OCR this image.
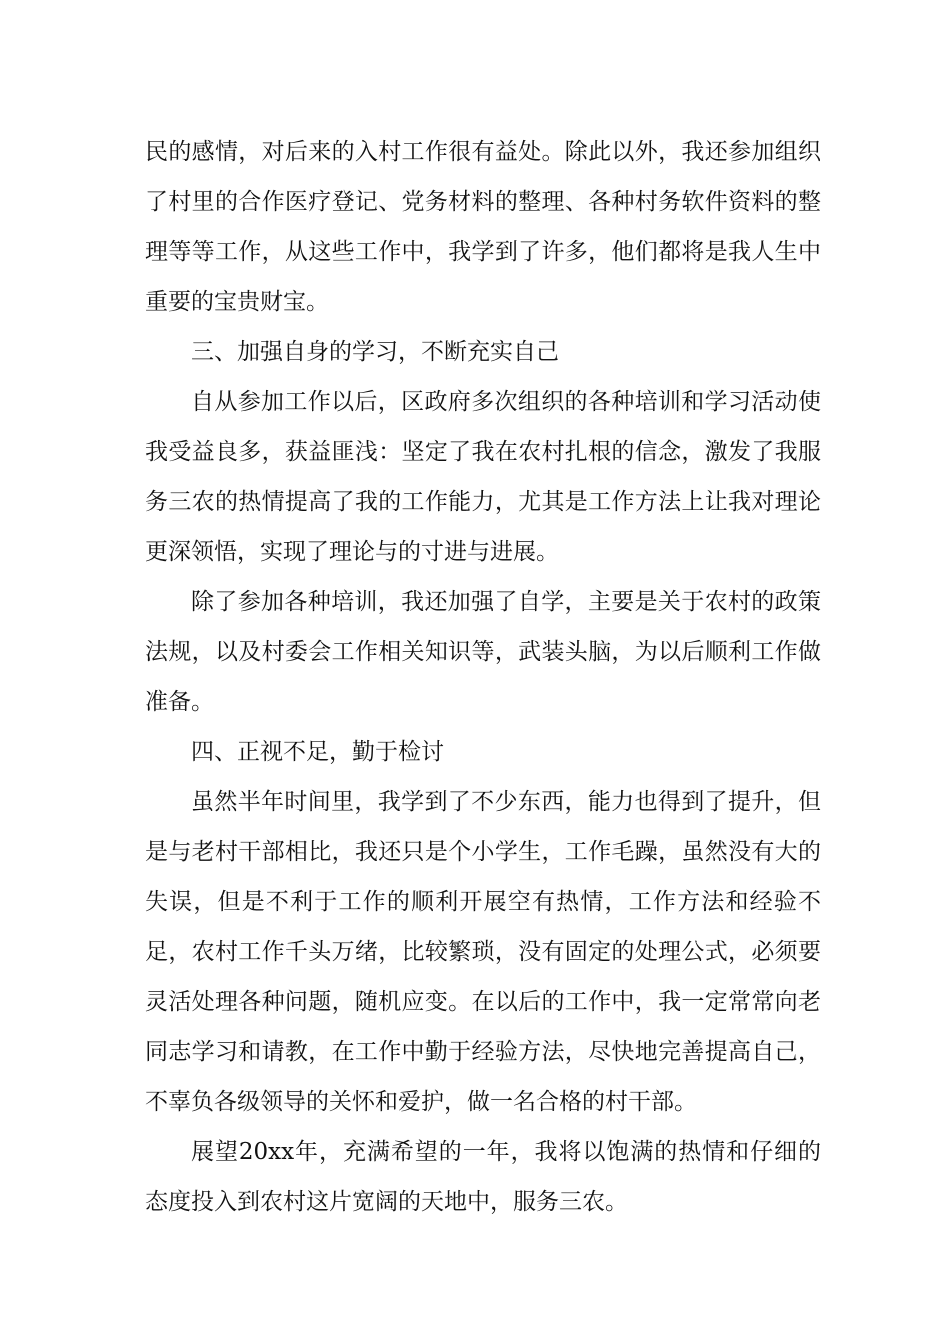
民的感情，对后来的入村工作很有益处。除此以外，我还参加组织了村里的合作医疗登记、党务材料的整理、各种村务软件资料的整理等等工作，从这些工作中，我学到了许多，他们都将是我人生中重要的宝贵财宝。

三、加强自身的学习，不断充实自己

自从参加工作以后，区政府多次组织的各种培训和学习活动使我受益良多，获益匪浅：坚定了我在农村扎根的信念，激发了我服务三农的热情提高了我的工作能力，尤其是工作方法上让我对理论更深领悟，实现了理论与的寸进与进展。

除了参加各种培训，我还加强了自学，主要是关于农村的政策法规，以及村委会工作相关知识等，武装头脑，为以后顺利工作做准备。

四、正视不足，勤于检讨

虽然半年时间里，我学到了不少东西，能力也得到了提升，但是与老村干部相比，我还只是个小学生，工作毛躁，虽然没有大的失误，但是不利于工作的顺利开展空有热情，工作方法和经验不足，农村工作千头万绪，比较繁琐，没有固定的处理公式，必须要灵活处理各种问题，随机应变。在以后的工作中，我一定常常向老同志学习和请教，在工作中勤于经验方法，尽快地完善提高自己，不辜负各级领导的关怀和爱护，做一名合格的村干部。

展望20xx年，充满希望的一年，我将以饱满的热情和仔细的态度投入到农村这片宽阔的天地中，服务三农。
